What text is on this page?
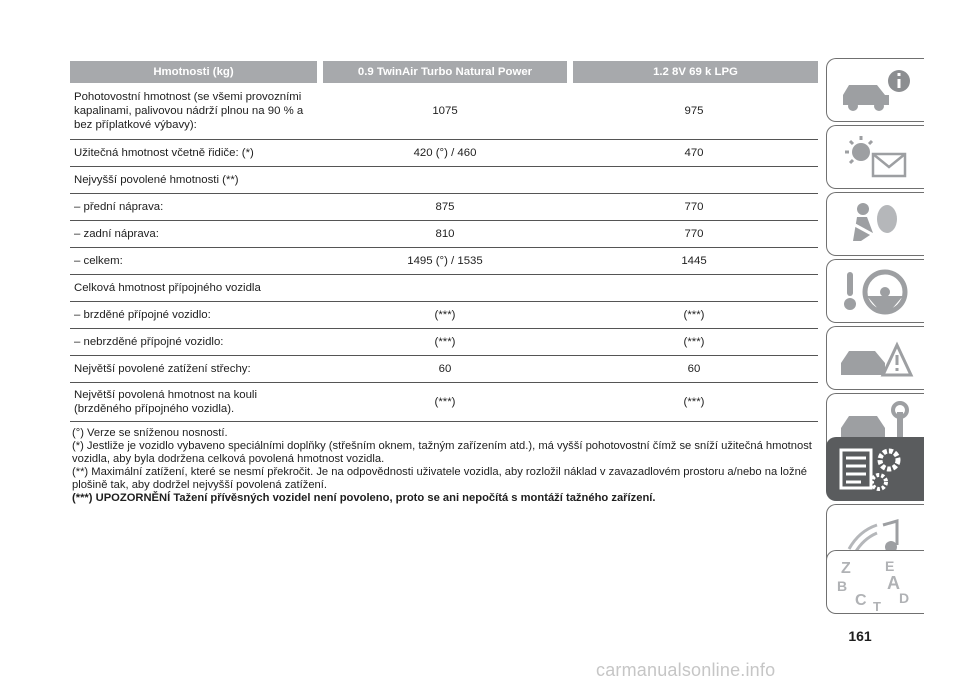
Hmotnosti (kg)	0.9 TwinAir Turbo Natural Power	1.2 8V 69 k LPG
Pohotovostní hmotnost (se všemi provozními kapalinami, palivovou nádrží plnou na 90 % a bez příplatkové výbavy):	1075	975
Užitečná hmotnost včetně řidiče: (*)	420 (°) / 460	470
Nejvyšší povolené hmotnosti (**)		
– přední náprava:	875	770
– zadní náprava:	810	770
– celkem:	1495 (°) / 1535	1445
Celková hmotnost přípojného vozidla		
– brzděné přípojné vozidlo:	(***)	(***)
– nebrzděné přípojné vozidlo:	(***)	(***)
Největší povolené zatížení střechy:	60	60
Největší povolená hmotnost na kouli (brzděného přípojného vozidla).	(***)	(***)

(°) Verze se sníženou nosností.

(*) Jestliže je vozidlo vybaveno speciálními doplňky (střešním oknem, tažným zařízením atd.), má vyšší pohotovostní čímž se sníží užitečná hmotnost vozidla, aby byla dodržena celková povolená hmotnost vozidla.

(**) Maximální zatížení, které se nesmí překročit. Je na odpovědnosti uživatele vozidla, aby rozložil náklad v zavazadlovém prostoru a/nebo na ložné plošině tak, aby dodržel nejvyšší povolená zatížení.

(***) UPOZORNĚNÍ Tažení přívěsných vozidel není povoleno, proto se ani nepočítá s montáží tažného zařízení.

Z E
A
B
C T
D
161
carmanualsonline.info
